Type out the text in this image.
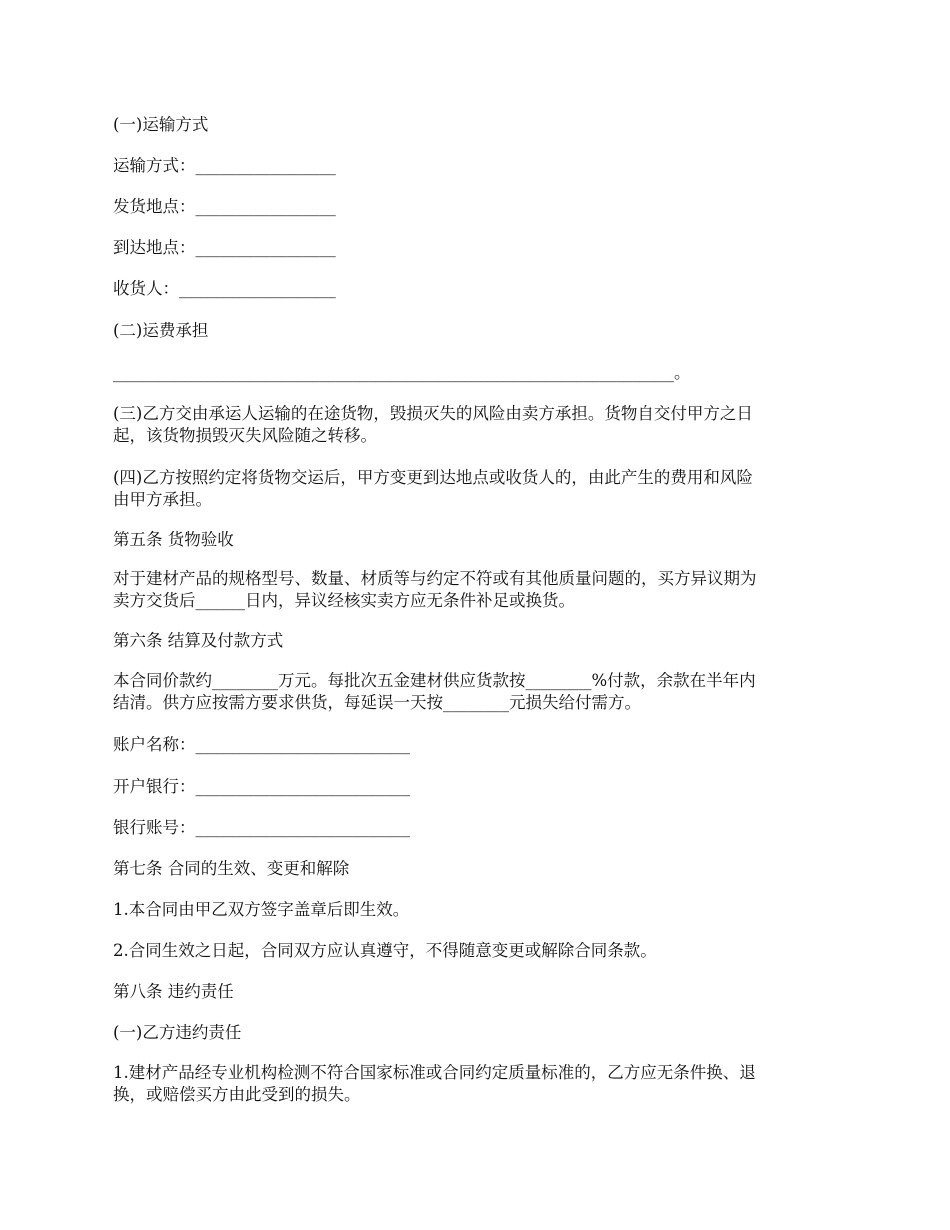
(一)运输方式
运输方式：_________________
发货地点：_________________
到达地点：_________________
收货人：___________________
(二)运费承担
____________________________________________________________________。
(三)乙方交由承运人运输的在途货物，毁损灭失的风险由卖方承担。货物自交付甲方之日
起，该货物损毁灭失风险随之转移。
(四)乙方按照约定将货物交运后，甲方变更到达地点或收货人的，由此产生的费用和风险
由甲方承担。
第五条 货物验收
对于建材产品的规格型号、数量、材质等与约定不符或有其他质量问题的，买方异议期为
卖方交货后______日内，异议经核实卖方应无条件补足或换货。
第六条 结算及付款方式
本合同价款约________万元。每批次五金建材供应货款按________%付款，余款在半年内
结清。供方应按需方要求供货，每延误一天按________元损失给付需方。
账户名称：__________________________
开户银行：__________________________
银行账号：__________________________
第七条 合同的生效、变更和解除
1.本合同由甲乙双方签字盖章后即生效。
2.合同生效之日起，合同双方应认真遵守，不得随意变更或解除合同条款。
第八条 违约责任
(一)乙方违约责任
1.建材产品经专业机构检测不符合国家标准或合同约定质量标准的，乙方应无条件换、退
换，或赔偿买方由此受到的损失。
